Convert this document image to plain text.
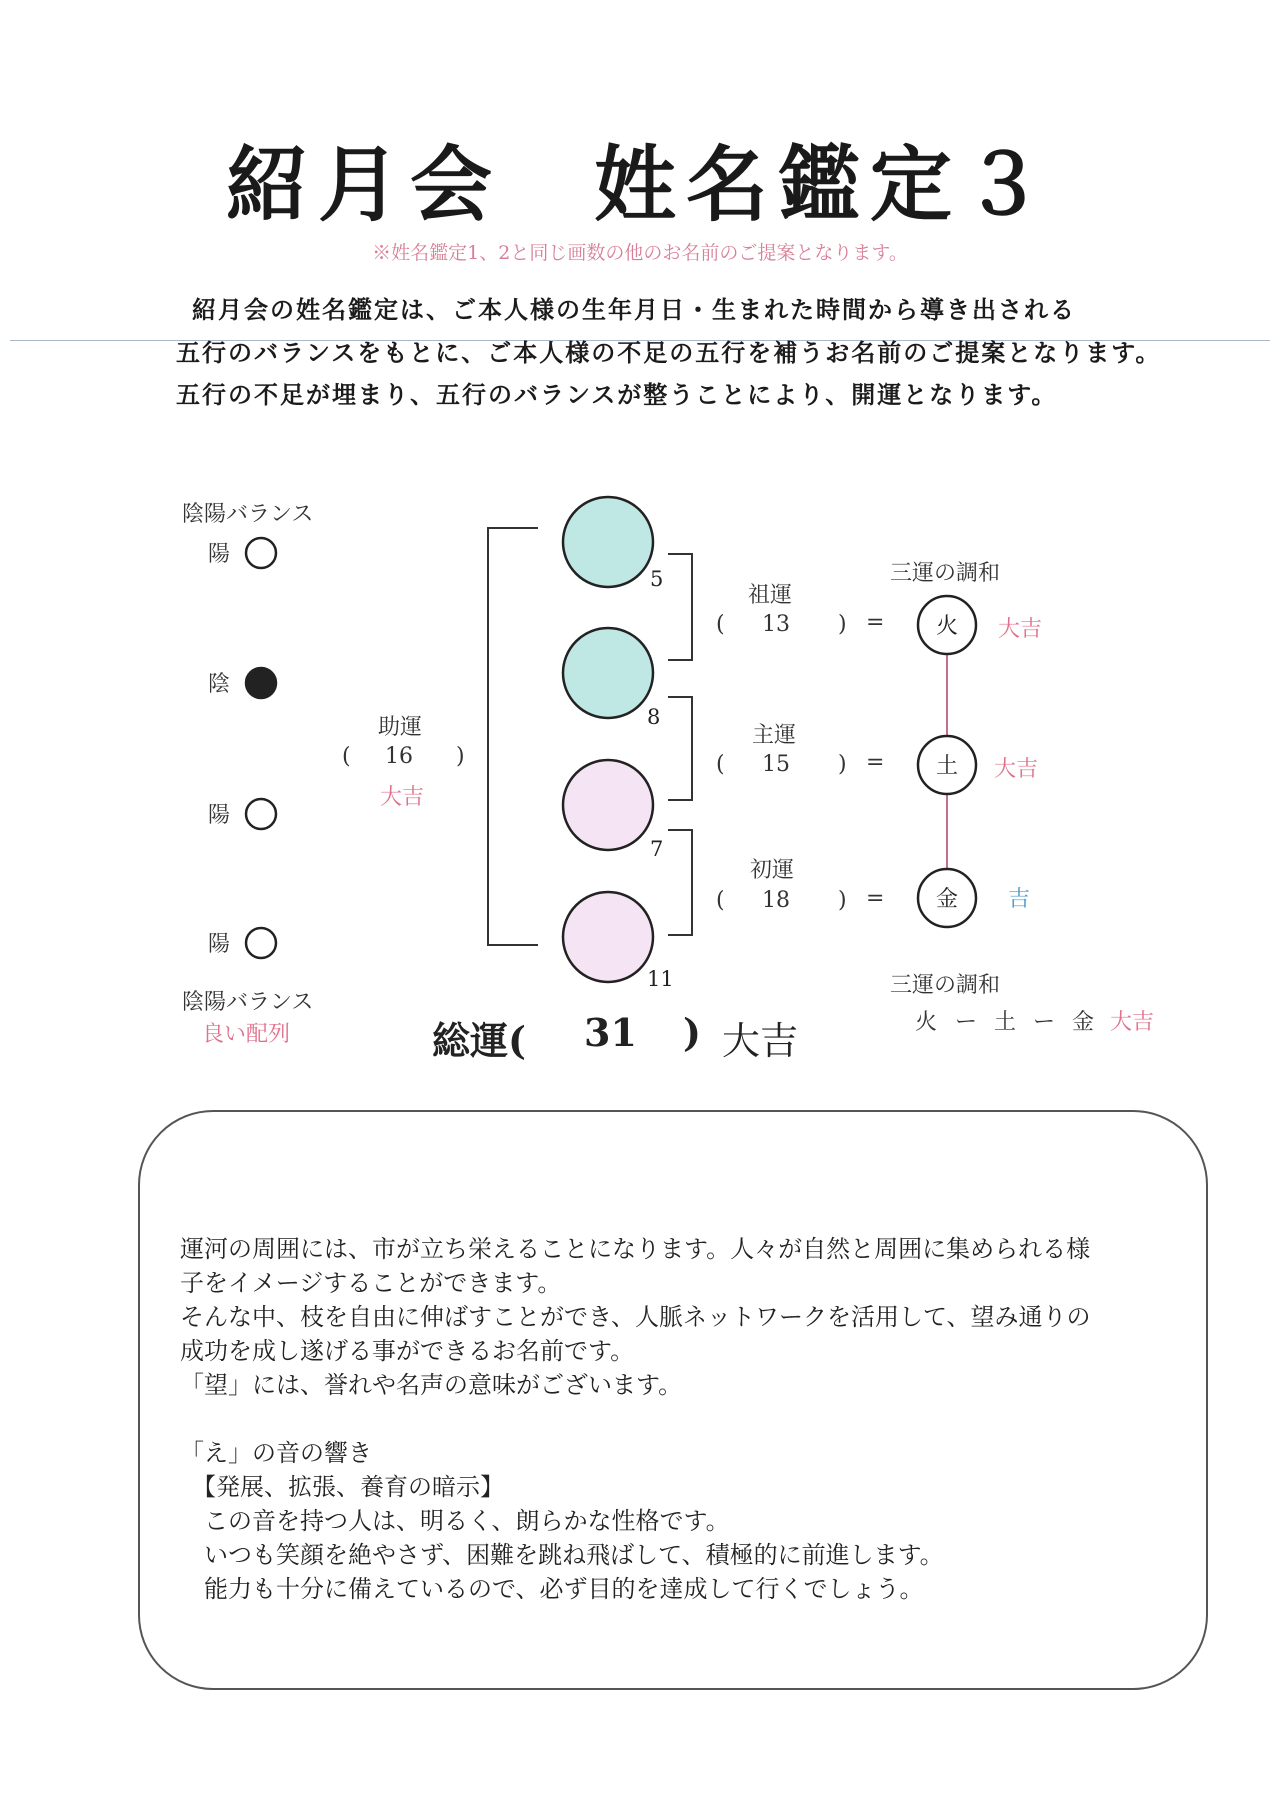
紹月会　姓名鑑定３
※姓名鑑定1、2と同じ画数の他のお名前のご提案となります。
紹月会の姓名鑑定は、ご本人様の生年月日・生まれた時間から導き出される
五行のバランスをもとに、ご本人様の不足の五行を補うお名前のご提案となります。
五行の不足が埋まり、五行のバランスが整うことにより、開運となります。
陰陽バランス
陽
陰
陽
陽
陰陽バランス
良い配列
5
8
7
11
火
土
金
助運
( 16 )
大吉
祖運
( 13 ) =	大吉
主運
( 15 ) =	大吉
初運
( 18 ) =	吉
三運の調和
三運の調和
火 ー 土 ー 金 大吉
総運( 31 ) 大吉
運河の周囲には、市が立ち栄えることになります。人々が自然と周囲に集められる様
子をイメージすることができます。
そんな中、枝を自由に伸ばすことができ、人脈ネットワークを活用して、望み通りの
成功を成し遂げる事ができるお名前です。
「望」には、誉れや名声の意味がございます。
「え」の音の響き
　【発展、拡張、養育の暗示】
　この音を持つ人は、明るく、朗らかな性格です。
　いつも笑顔を絶やさず、困難を跳ね飛ばして、積極的に前進します。
　能力も十分に備えているので、必ず目的を達成して行くでしょう。
